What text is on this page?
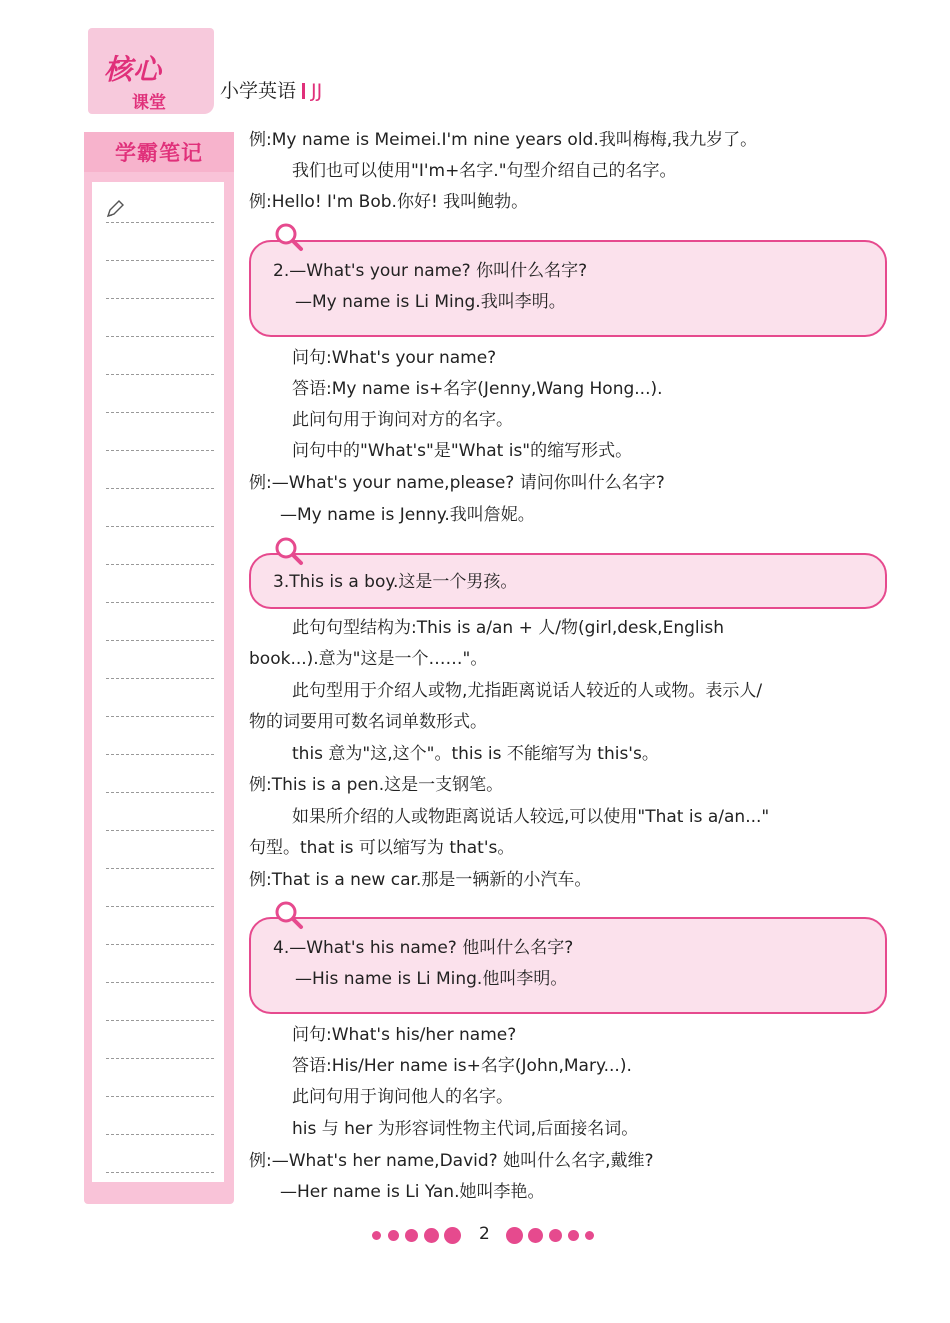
核心
课堂
小学英语 JJ
学霸笔记
例:My name is Meimei.I'm nine years old.我叫梅梅,我九岁了。
我们也可以使用"I'm+名字."句型介绍自己的名字。
例:Hello! I'm Bob.你好! 我叫鲍勃。
2.—What's your name? 你叫什么名字?
—My name is Li Ming.我叫李明。
问句:What's your name?
答语:My name is+名字(Jenny,Wang Hong...).
此问句用于询问对方的名字。
问句中的"What's"是"What is"的缩写形式。
例:—What's your name,please? 请问你叫什么名字?
—My name is Jenny.我叫詹妮。
3.This is a boy.这是一个男孩。
此句句型结构为:This is a/an + 人/物(girl,desk,English
book...).意为"这是一个……"。
此句型用于介绍人或物,尤指距离说话人较近的人或物。表示人/
物的词要用可数名词单数形式。
this 意为"这,这个"。this is 不能缩写为 this's。
例:This is a pen.这是一支钢笔。
如果所介绍的人或物距离说话人较远,可以使用"That is a/an..."
句型。that is 可以缩写为 that's。
例:That is a new car.那是一辆新的小汽车。
4.—What's his name? 他叫什么名字?
—His name is Li Ming.他叫李明。
问句:What's his/her name?
答语:His/Her name is+名字(John,Mary...).
此问句用于询问他人的名字。
his 与 her 为形容词性物主代词,后面接名词。
例:—What's her name,David? 她叫什么名字,戴维?
—Her name is Li Yan.她叫李艳。
2
